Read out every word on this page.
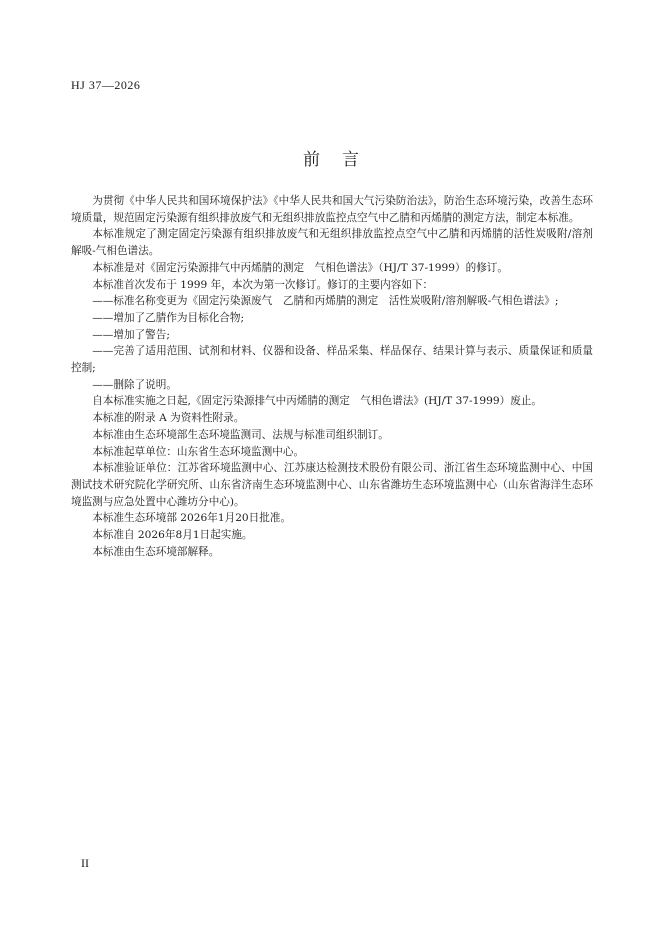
HJ 37—2026
前言

为贯彻《中华人民共和国环境保护法》《中华人民共和国大气污染防治法》，防治生态环境污染，改善生态环境质量，规范固定污染源有组织排放废气和无组织排放监控点空气中乙腈和丙烯腈的测定方法，制定本标准。

本标准规定了测定固定污染源有组织排放废气和无组织排放监控点空气中乙腈和丙烯腈的活性炭吸附/溶剂解吸-气相色谱法。

本标准是对《固定污染源排气中丙烯腈的测定　气相色谱法》（HJ/T 37-1999）的修订。

本标准首次发布于 1999 年，本次为第一次修订。修订的主要内容如下：

——标准名称变更为《固定污染源废气　乙腈和丙烯腈的测定　活性炭吸附/溶剂解吸-气相色谱法》;

——增加了乙腈作为目标化合物;

——增加了警告;

——完善了适用范围、试剂和材料、仪器和设备、样品采集、样品保存、结果计算与表示、质量保证和质量控制;

——删除了说明。

自本标准实施之日起,《固定污染源排气中丙烯腈的测定　气相色谱法》(HJ/T 37-1999）废止。

本标准的附录 A 为资料性附录。

本标准由生态环境部生态环境监测司、法规与标准司组织制订。

本标准起草单位：山东省生态环境监测中心。

本标准验证单位：江苏省环境监测中心、江苏康达检测技术股份有限公司、浙江省生态环境监测中心、中国测试技术研究院化学研究所、山东省济南生态环境监测中心、山东省潍坊生态环境监测中心（山东省海洋生态环境监测与应急处置中心潍坊分中心)。

本标准生态环境部 2026年1月20日批准。

本标准自 2026年8月1日起实施。

本标准由生态环境部解释。

II
